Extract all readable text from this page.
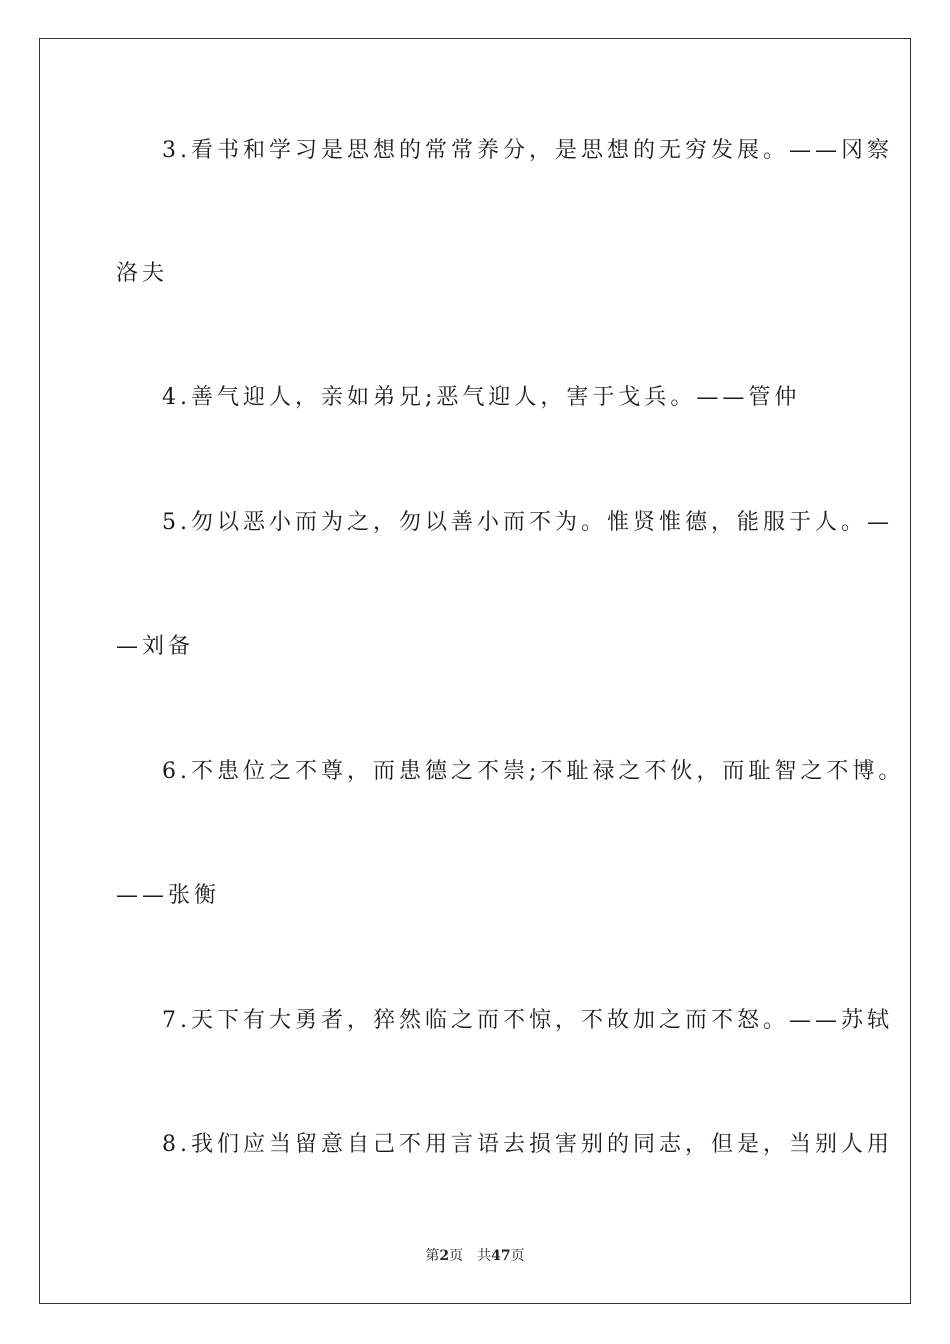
3.看书和学习是思想的常常养分，是思想的无穷发展。——冈察
洛夫
4.善气迎人，亲如弟兄;恶气迎人，害于戈兵。——管仲
5.勿以恶小而为之，勿以善小而不为。惟贤惟德，能服于人。—
—刘备
6.不患位之不尊，而患德之不崇;不耻禄之不伙，而耻智之不博。
——张衡
7.天下有大勇者，猝然临之而不惊，不故加之而不怒。——苏轼
8.我们应当留意自己不用言语去损害别的同志，但是，当别人用
第2页 共47页
